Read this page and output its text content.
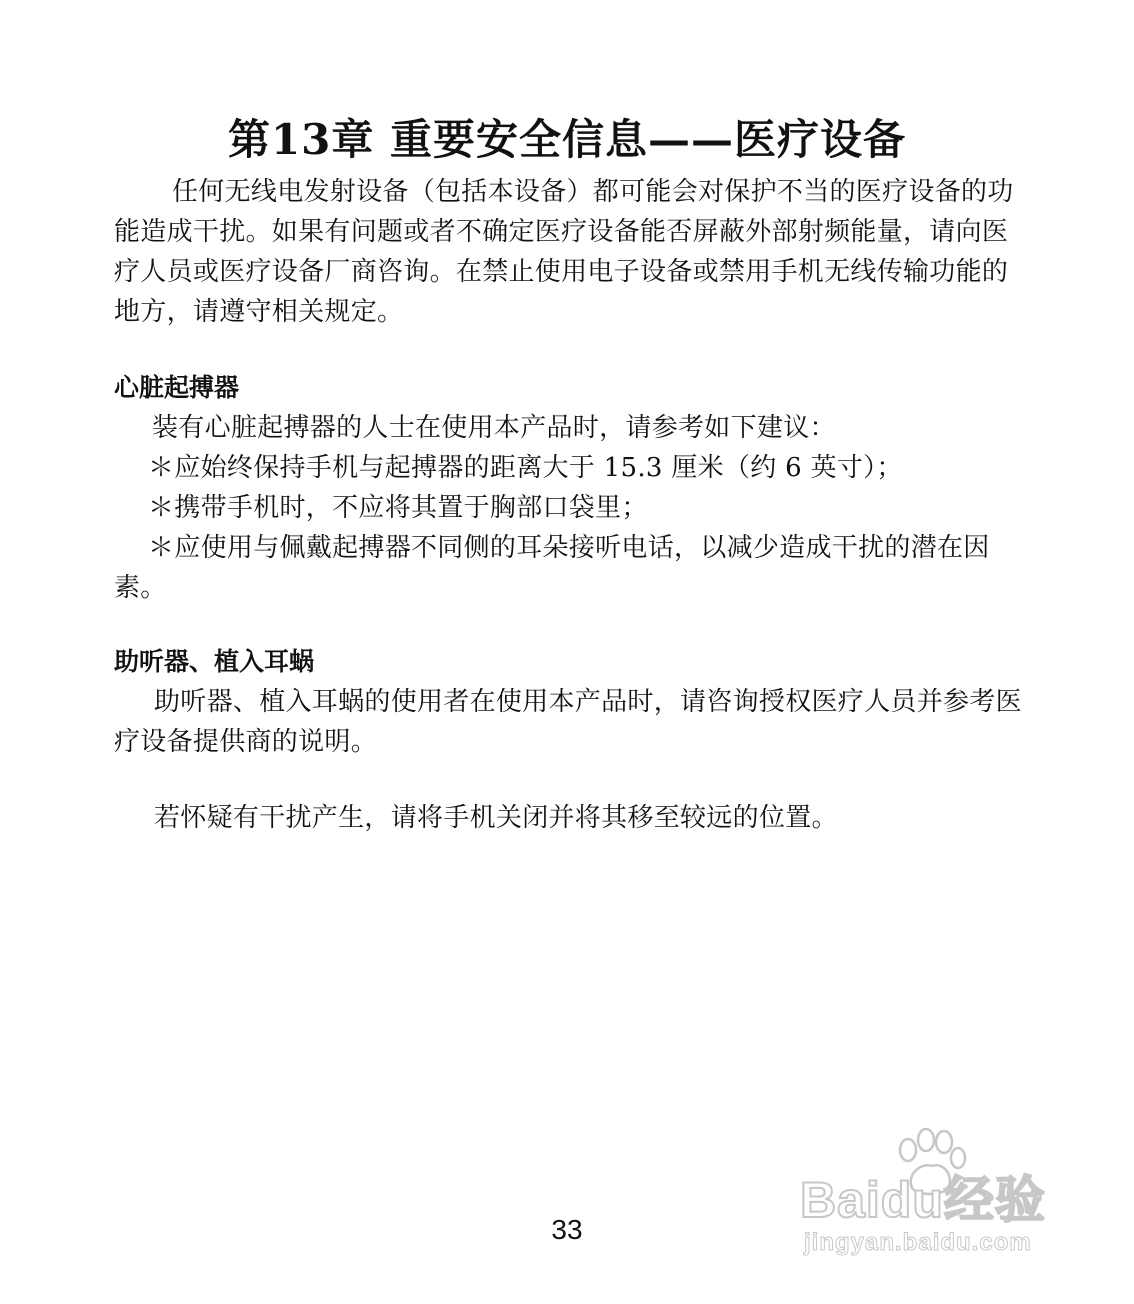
第13章 重要安全信息——医疗设备

任何无线电发射设备（包括本设备）都可能会对保护不当的医疗设备的功能造成干扰。如果有问题或者不确定医疗设备能否屏蔽外部射频能量，请向医疗人员或医疗设备厂商咨询。在禁止使用电子设备或禁用手机无线传输功能的地方，请遵守相关规定。

心脏起搏器

装有心脏起搏器的人士在使用本产品时，请参考如下建议：

＊应始终保持手机与起搏器的距离大于 15.3 厘米（约 6 英寸）；

＊携带手机时，不应将其置于胸部口袋里；

＊应使用与佩戴起搏器不同侧的耳朵接听电话，以减少造成干扰的潜在因素。

助听器、植入耳蜗

助听器、植入耳蜗的使用者在使用本产品时，请咨询授权医疗人员并参考医疗设备提供商的说明。

若怀疑有干扰产生，请将手机关闭并将其移至较远的位置。

33
Baidu经验
jingyan.baidu.com
